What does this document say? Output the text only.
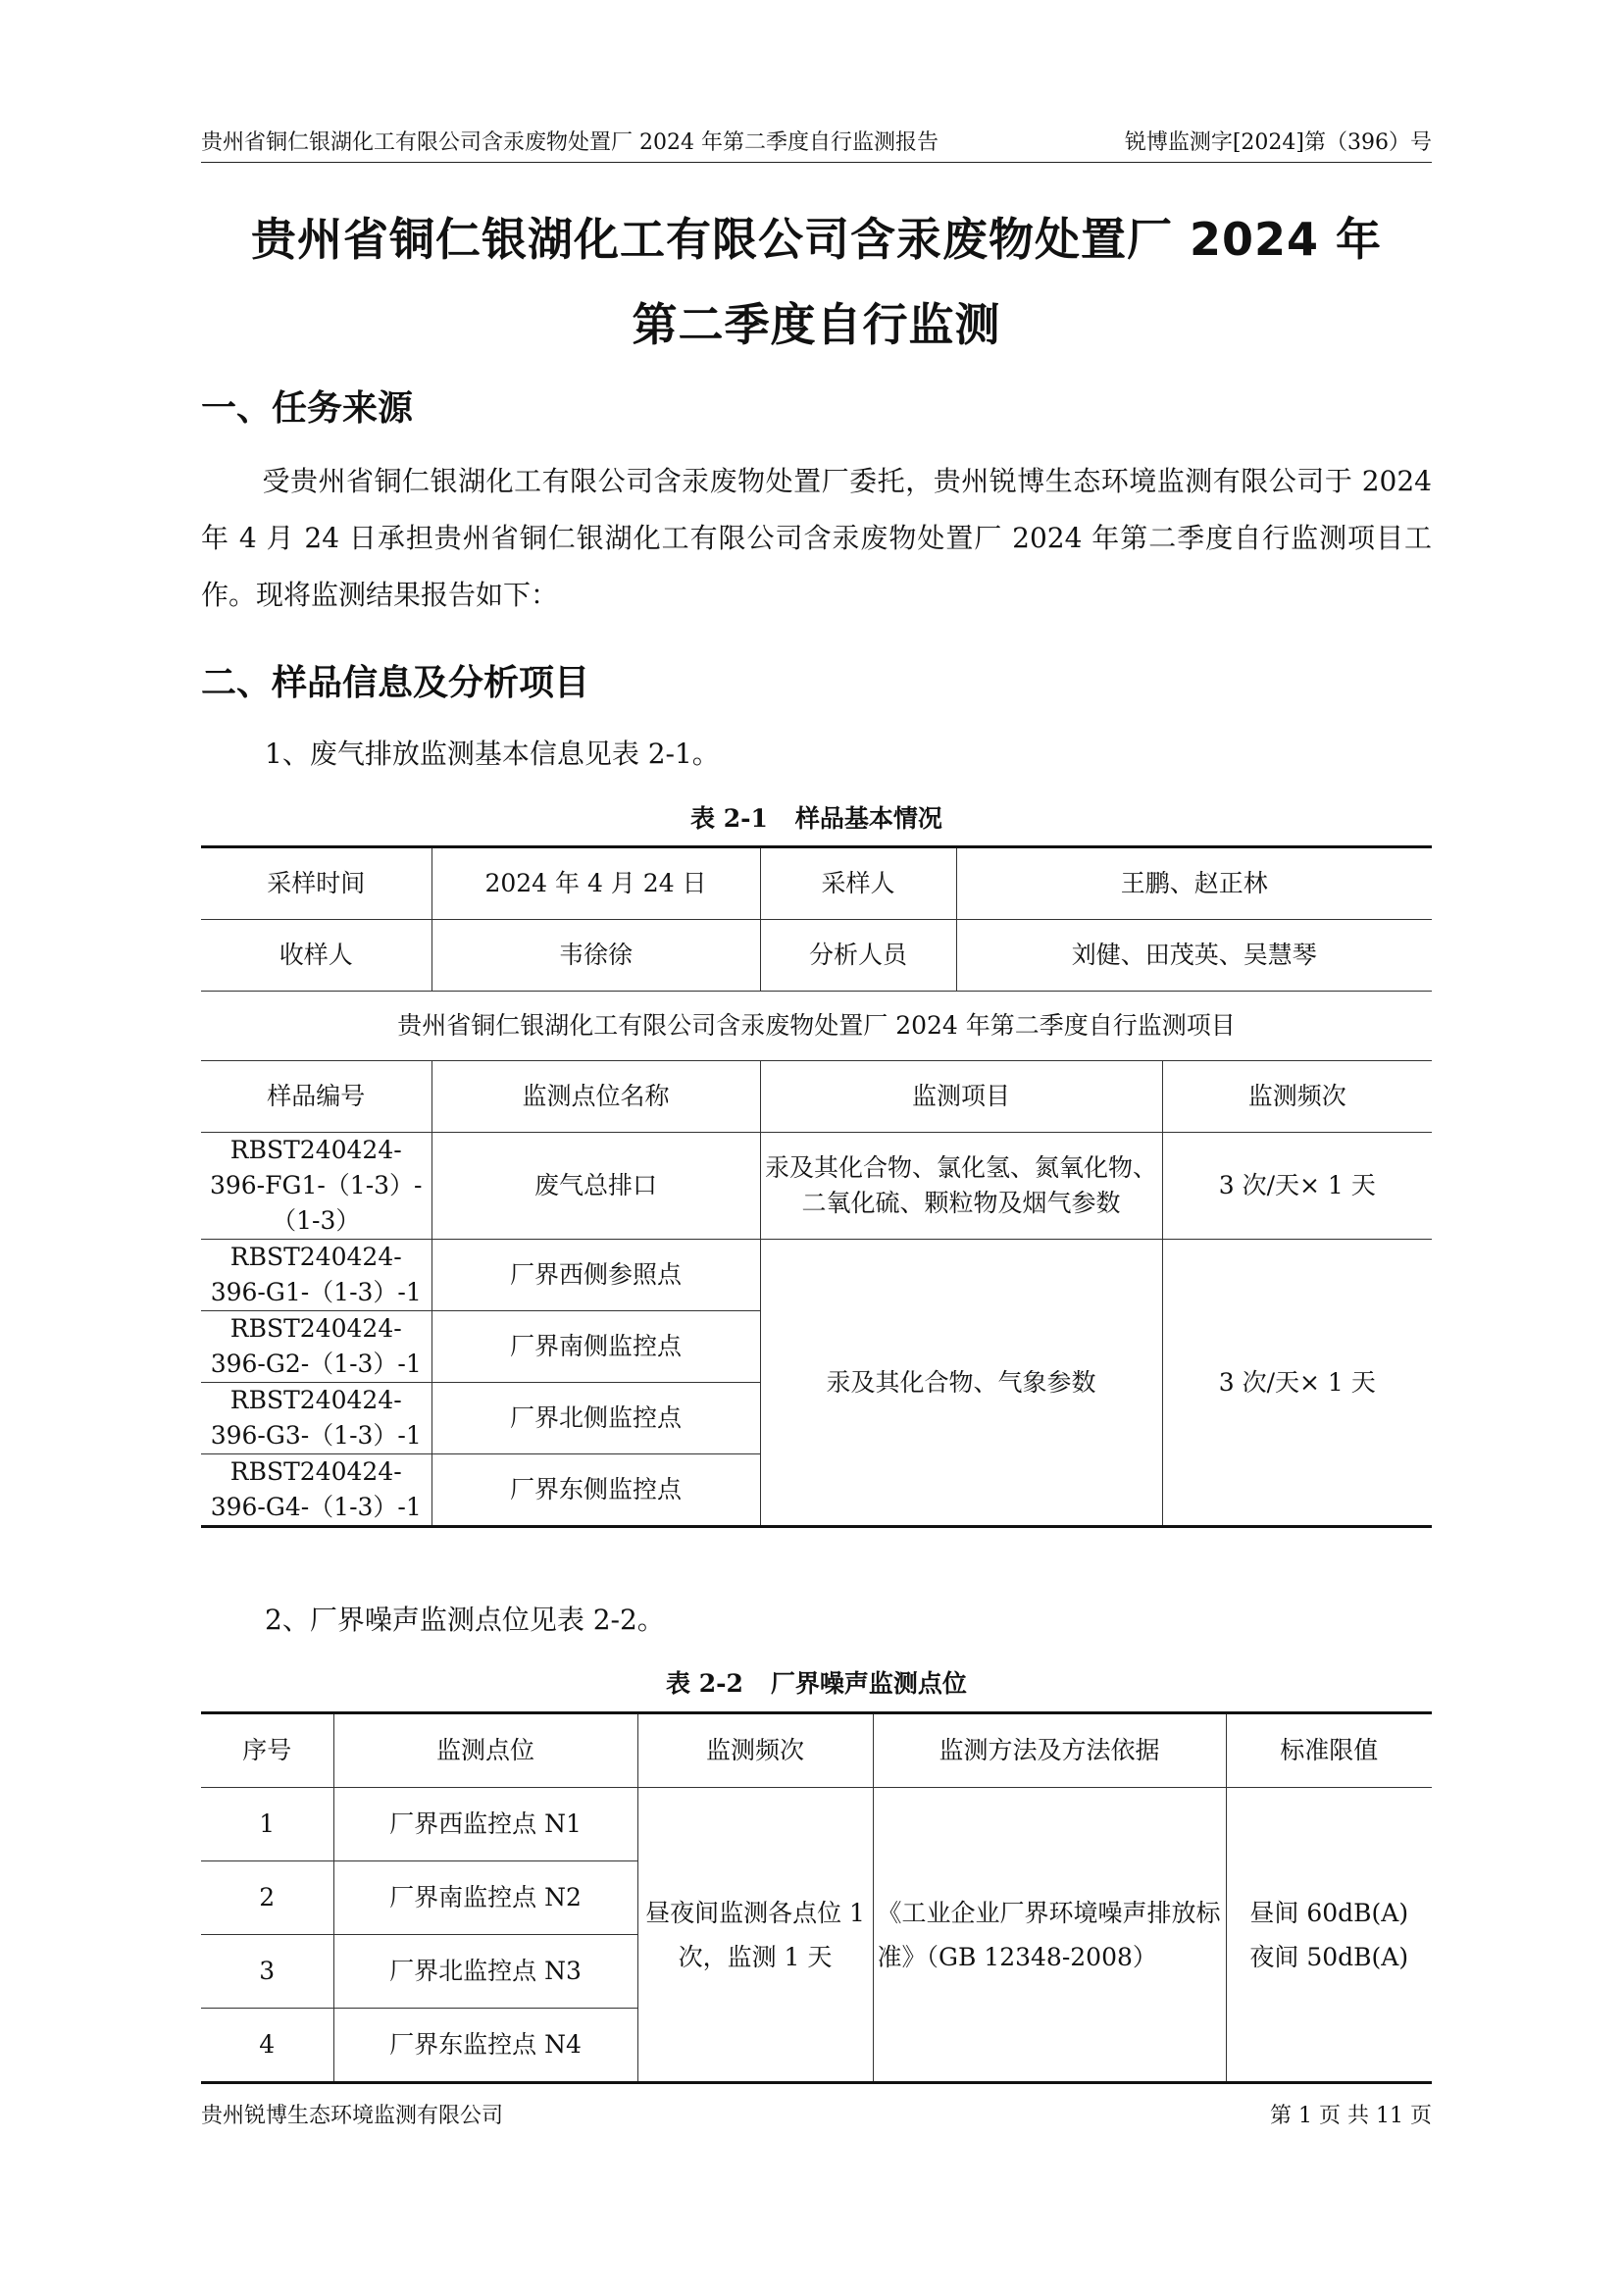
贵州省铜仁银湖化工有限公司含汞废物处置厂 2024 年第二季度自行监测报告	锐博监测字[2024]第（396）号
贵州省铜仁银湖化工有限公司含汞废物处置厂 2024 年
第二季度自行监测
一、任务来源
受贵州省铜仁银湖化工有限公司含汞废物处置厂委托，贵州锐博生态环境监测有限公司于 2024 年 4 月 24 日承担贵州省铜仁银湖化工有限公司含汞废物处置厂 2024 年第二季度自行监测项目工作。现将监测结果报告如下：
二、样品信息及分析项目
1、废气排放监测基本信息见表 2-1。
表 2-1 样品基本情况
采样时间	2024 年 4 月 24 日	采样人	王鹏、赵正林	
收样人	韦徐徐	分析人员	刘健、田茂英、吴慧琴	
贵州省铜仁银湖化工有限公司含汞废物处置厂 2024 年第二季度自行监测项目				
样品编号	监测点位名称	监测项目		监测频次
RBST240424-396-FG1-（1-3）-（1-3）	废气总排口	汞及其化合物、氯化氢、氮氧化物、二氧化硫、颗粒物及烟气参数		3 次/天× 1 天
RBST240424-396-G1-（1-3）-1	厂界西侧参照点	汞及其化合物、气象参数		3 次/天× 1 天
RBST240424-396-G2-（1-3）-1	厂界南侧监控点			
RBST240424-396-G3-（1-3）-1	厂界北侧监控点			
RBST240424-396-G4-（1-3）-1	厂界东侧监控点			
2、厂界噪声监测点位见表 2-2。
表 2-2 厂界噪声监测点位
序号	监测点位	监测频次	监测方法及方法依据	标准限值
1	厂界西监控点 N1	昼夜间监测各点位 1 次，监测 1 天	《工业企业厂界环境噪声排放标准》（GB 12348-2008）	昼间 60dB(A)
夜间 50dB(A)

2	厂界南监控点 N2			
3	厂界北监控点 N3			
4	厂界东监控点 N4			
贵州锐博生态环境监测有限公司	第 1 页 共 11 页
